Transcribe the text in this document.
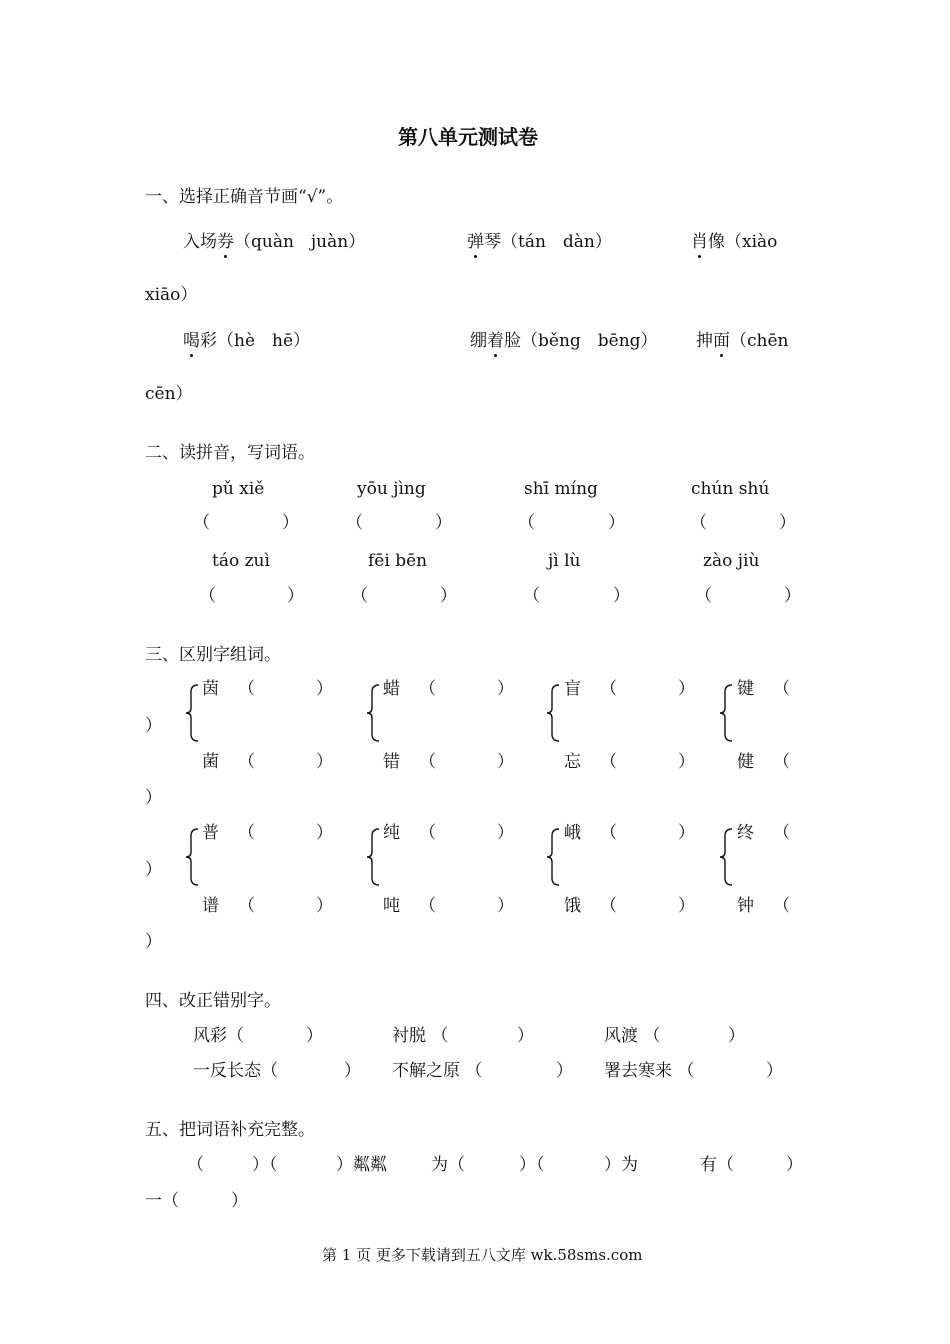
第八单元测试卷
一、选择正确音节画“√”。
入场券（quàn　juàn）	弹琴（tán　dàn）	肖像（xiào
xiāo）
喝彩（hè　hē）	绷着脸（běng　bēng） 抻面（chēn
cēn）
二、读拼音，写词语。
pǔ xiě	yōu jìng	shī míng	chún shú
（	）	（	）	（	）	（	）
táo zuì	fēi bēn	jì lù	zào jiù
（	）	（	）	（	）	（	）
三、区别字组词。
茵 （	）	蜡 （	）	盲 （	） 键 （
）
菌 （	）	错 （	）	忘 （	） 健 （
）
普 （	）	纯 （	）	峨 （	） 终 （
）
谱 （	）	吨 （	）	饿 （	） 钟 （
）
四、改正错别字。
风彩（	）	衬脱 （	）	风渡 （	）
一反长态（	） 不解之原 （	） 署去寒来 （	）
五、把词语补充完整。
（	）（	）粼粼	为（	）（	）为	有（	）
一（	）
第 1 页 更多下载请到五八文库 wk.58sms.com
